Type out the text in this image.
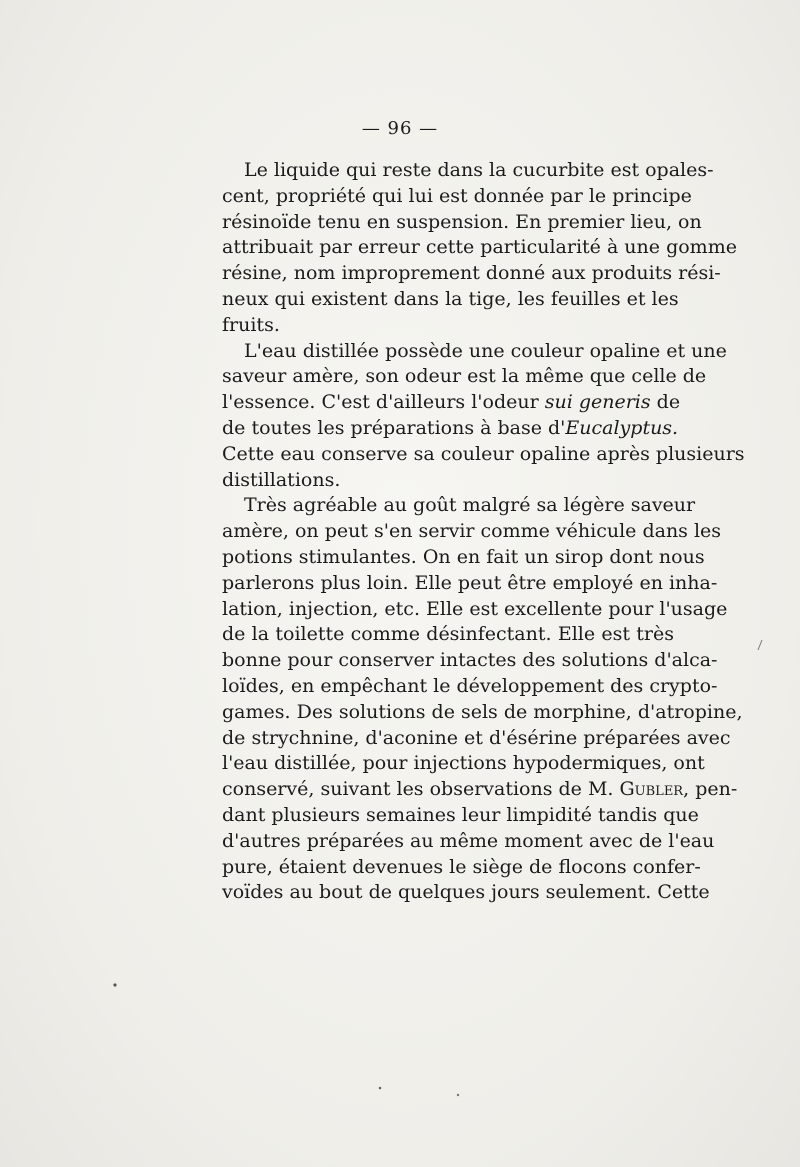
— 96 —

Le liquide qui reste dans la cucurbite est opales-
cent, propriété qui lui est donnée par le principe
résinoïde tenu en suspension. En premier lieu, on
attribuait par erreur cette particularité à une gomme
résine, nom improprement donné aux produits rési-
neux qui existent dans la tige, les feuilles et les
fruits.

L'eau distillée possède une couleur opaline et une
saveur amère, son odeur est la même que celle de
l'essence. C'est d'ailleurs l'odeur sui generis de
de toutes les préparations à base d'Eucalyptus.
Cette eau conserve sa couleur opaline après plusieurs
distillations.

Très agréable au goût malgré sa légère saveur
amère, on peut s'en servir comme véhicule dans les
potions stimulantes. On en fait un sirop dont nous
parlerons plus loin. Elle peut être employé en inha-
lation, injection, etc. Elle est excellente pour l'usage
de la toilette comme désinfectant. Elle est très
bonne pour conserver intactes des solutions d'alca-
loïdes, en empêchant le développement des crypto-
games. Des solutions de sels de morphine, d'atropine,
de strychnine, d'aconine et d'ésérine préparées avec
l'eau distillée, pour injections hypodermiques, ont
conservé, suivant les observations de M. Gubler, pen-
dant plusieurs semaines leur limpidité tandis que
d'autres préparées au même moment avec de l'eau
pure, étaient devenues le siège de flocons confer-
voïdes au bout de quelques jours seulement. Cette
